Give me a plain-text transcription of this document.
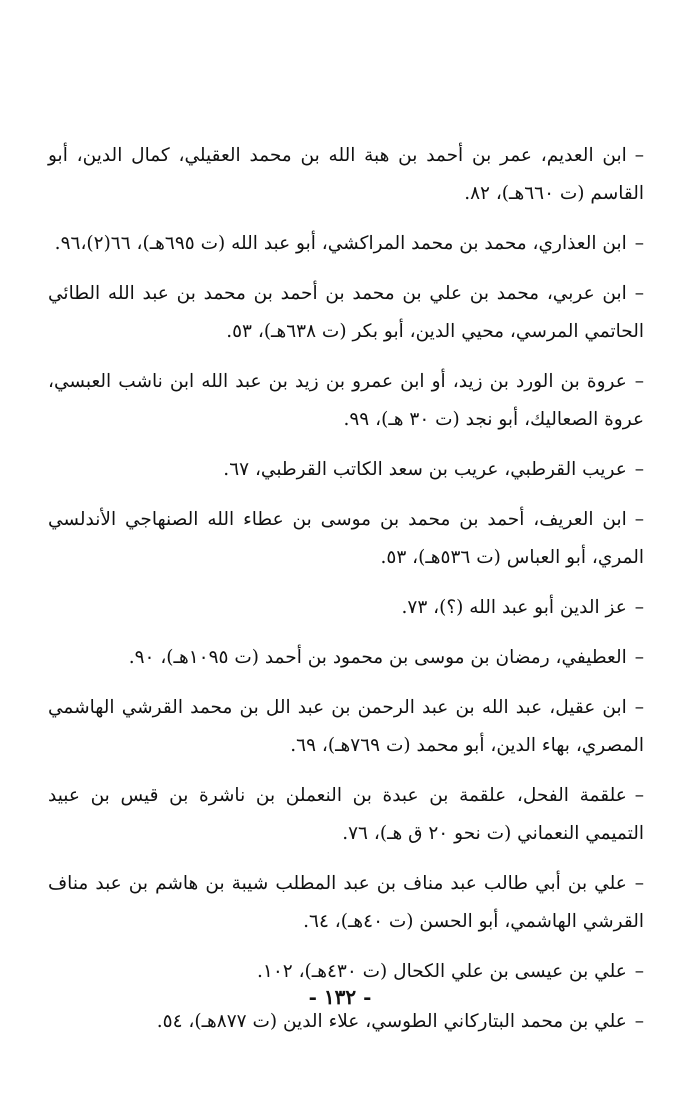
–ابن العديم، عمر بن أحمد بن هبة الله بن محمد العقيلي، كمال الدين، أبو القاسم (ت ٦٦٠هـ)، ٨٢.

–ابن العذاري، محمد بن محمد المراكشي، أبو عبد الله (ت ٦٩٥هـ)، ٦٦(٢)،٩٦.

–ابن عربي، محمد بن علي بن محمد بن أحمد بن محمد بن عبد الله الطائي الحاتمي المرسي، محيي الدين، أبو بكر (ت ٦٣٨هـ)، ٥٣.

–عروة بن الورد بن زيد، أو ابن عمرو بن زيد بن عبد الله ابن ناشب العبسي، عروة الصعاليك، أبو نجد (ت ٣٠ هـ)، ٩٩.

–عريب القرطبي، عريب بن سعد الكاتب القرطبي، ٦٧.

–ابن العريف، أحمد بن محمد بن موسى بن عطاء الله الصنهاجي الأندلسي المري، أبو العباس (ت ٥٣٦هـ)، ٥٣.

–عز الدين أبو عبد الله (؟)، ٧٣.

–العطيفي، رمضان بن موسى بن محمود بن أحمد (ت ١٠٩٥هـ)، ٩٠.

–ابن عقيل، عبد الله بن عبد الرحمن بن عبد الل بن محمد القرشي الهاشمي المصري، بهاء الدين، أبو محمد (ت ٧٦٩هـ)، ٦٩.

–علقمة الفحل، علقمة بن عبدة بن النعملن بن ناشرة بن قيس بن عبيد التميمي النعماني (ت نحو ٢٠ ق هـ)، ٧٦.

–علي بن أبي طالب عبد مناف بن عبد المطلب شيبة بن هاشم بن عبد مناف القرشي الهاشمي، أبو الحسن (ت ٤٠هـ)، ٦٤.

–علي بن عيسى بن علي الكحال (ت ٤٣٠هـ)، ١٠٢.

–علي بن محمد البتاركاني الطوسي، علاء الدين (ت ٨٧٧هـ)، ٥٤.

- ١٣٢ -
